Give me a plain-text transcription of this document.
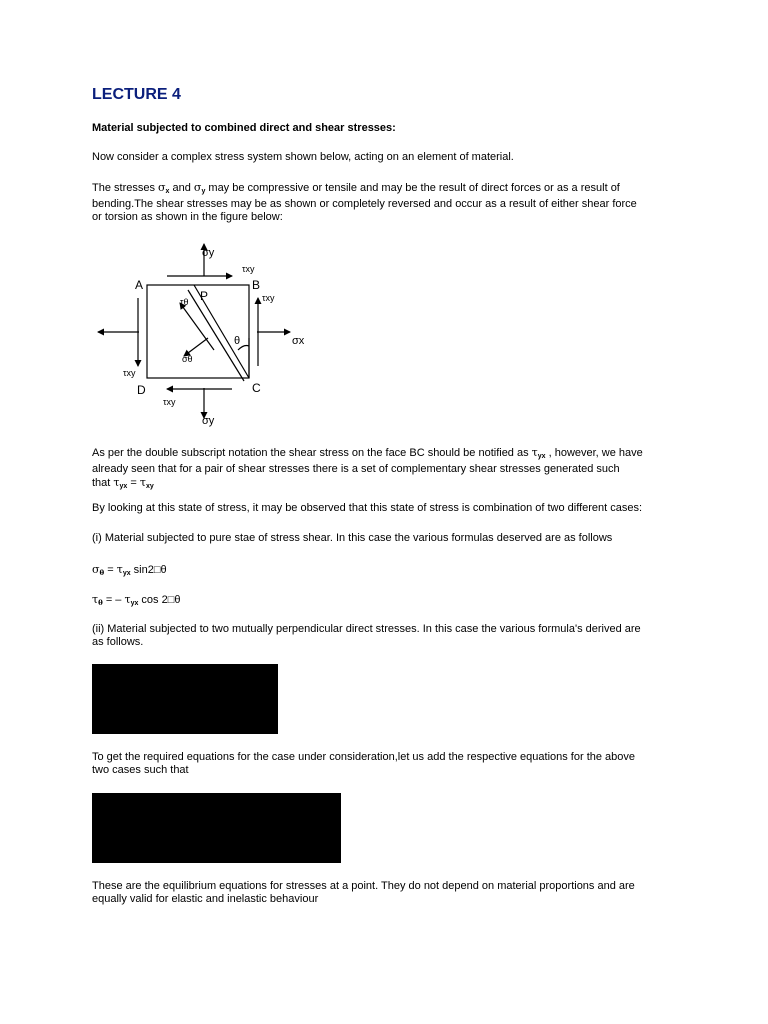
LECTURE 4
Material subjected to combined direct and shear stresses:
Now consider a complex stress system shown below, acting on an element of material.
The stresses $\sigma_x$ and $\sigma_y$ may be compressive or tensile and may be the result of direct forces or as a result of
bending.The shear stresses may be as shown or completely reversed and occur as a result of either shear force
or torsion as shown in the figure below:
A	B
C
D
P
σy
σy
σx
τxy
τxy
τxy
τxy
τθ
σθ
θ
As per the double subscript notation the shear stress on the face BC should be notified as $\tau_{yx}$ , however, we have
already seen that for a pair of shear stresses there is a set of complementary shear stresses generated such
that $\tau_{yx} = \tau_{xy}$
By looking at this state of stress, it may be observed that this state of stress is combination of two different cases:
(i) Material subjected to pure stae of stress shear. In this case the various formulas deserved are as follows
$\sigma_\theta = \tau_{yx}$ sin2□θ
$\tau_\theta$ = – $\tau_{yx}$ cos 2□θ
(ii) Material subjected to two mutually perpendicular direct stresses. In this case the various formula's derived are
as follows.
To get the required equations for the case under consideration,let us add the respective equations for the above
two cases such that
These are the equilibrium equations for stresses at a point. They do not depend on material proportions and are
equally valid for elastic and inelastic behaviour
